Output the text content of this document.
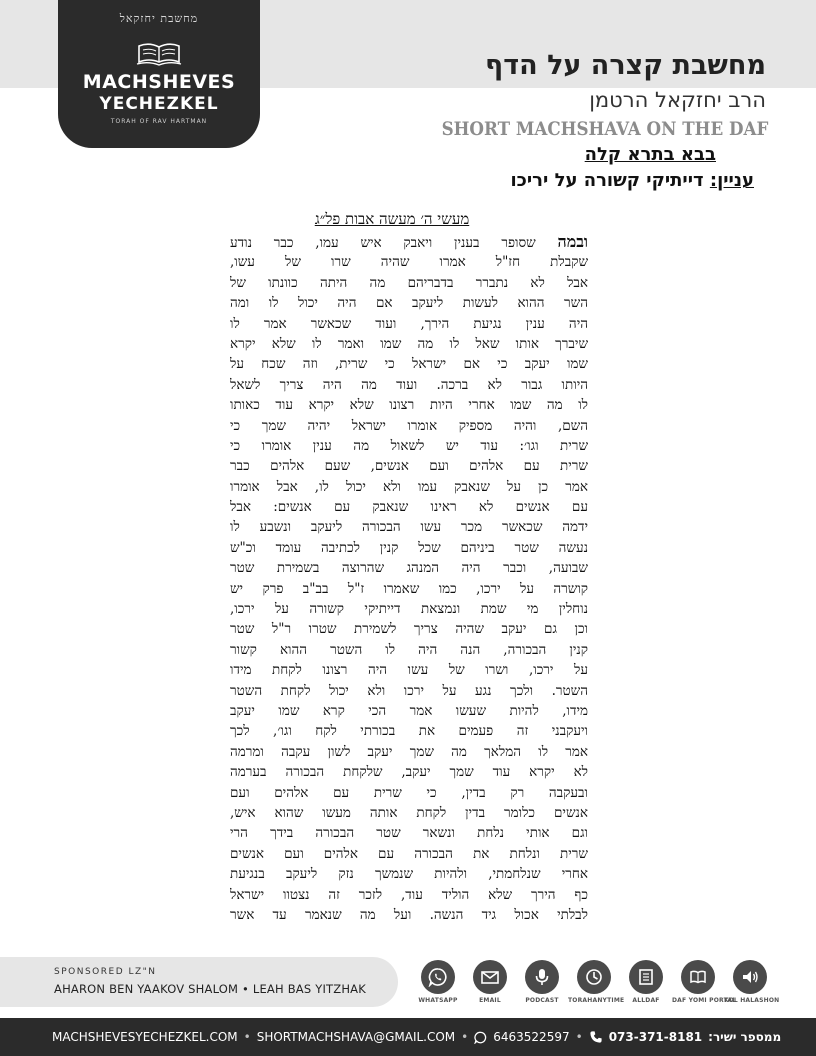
מחשבת יחזקאל
MACHSHEVES
YECHEZKEL
TORAH OF RAV HARTMAN
מחשבת קצרה על הדף
הרב יחזקאל הרטמן
SHORT MACHSHAVA ON THE DAF
בבא בתרא קלה
עניין: דייתיקי קשורה על יריכו
מעשי ה׳ מעשה אבות פל״ג
ובמה שסופר בענין ויאבק איש עמו, כבר נודע
שקבלת חז"ל אמרו שהיה שרו של עשו,
אבל לא נתברר בדבריהם מה היתה כוונתו של
השר ההוא לעשות ליעקב אם היה יכול לו ומה
היה ענין נגיעת הירך, ועוד שכאשר אמר לו
שיברך אותו שאל לו מה שמו ואמר לו שלא יקרא
שמו יעקב כי אם ישראל כי שרית, וזה שכח על
היותו גבור לא ברכה. ועוד מה היה צריך לשאל
לו מה שמו אחרי היות רצונו שלא יקרא עוד כאותו
השם, והיה מספיק אומרו ישראל יהיה שמך כי
שרית וגו׳: עוד יש לשאול מה ענין אומרו כי
שרית עם אלהים ועם אנשים, שעם אלהים כבר
אמר כן על שנאבק עמו ולא יכול לו, אבל אומרו
עם אנשים לא ראינו שנאבק עם אנשים: אבל
ידמה שכאשר מכר עשו הבכורה ליעקב ונשבע לו
נעשה שטר ביניהם שכל קנין לכתיבה עומד וכ"ש
שבועה, וכבר היה המנהג שהרוצה בשמירת שטר
קושרה על ירכו, כמו שאמרו ז"ל בב"ב פרק יש
נוחלין מי שמת ונמצאת דייתיקי קשורה על ירכו,
וכן גם יעקב שהיה צריך לשמירת שטרו ר"ל שטר
קנין הבכורה, הנה היה לו השטר ההוא קשור
על ירכו, ושרו של עשו היה רצונו לקחת מידו
השטר. ולכך נגע על ירכו ולא יכול לקחת השטר
מידו, להיות שעשו אמר הכי קרא שמו יעקב
ויעקבני זה פעמים את בכורתי לקח וגו׳, לכך
אמר לו המלאך מה שמך יעקב לשון עקבה ומרמה
לא יקרא עוד שמך יעקב, שלקחת הבכורה בערמה
ובעקבה רק בדין, כי שרית עם אלהים ועם
אנשים כלומר בדין לקחת אותה מעשו שהוא איש,
וגם אותי נלחת ונשאר שטר הבכורה בידך הרי
שרית ונלחת את הבכורה עם אלהים ועם אנשים
אחרי שנלחמתי, ולהיות שנמשך נזק ליעקב בנגיעת
כף הירך שלא הוליד עוד, לזכר זה נצטוו ישראל
לבלתי אכול גיד הנשה. ועל מה שנאמר עד אשר
SPONSORED LZ"N
AHARON BEN YAAKOV SHALOM • LEAH BAS YITZHAK
WHATSAPP	EMAIL	PODCAST	TORAHANYTIME	ALLDAF	DAF YOMI PORTAL
KOL HALASHON
MACHSHEVESYECHEZKEL.COM • SHORTMACHSHAVA@GMAIL.COM • 6463522597 • 073-371-8181 ממספר ישיר:
